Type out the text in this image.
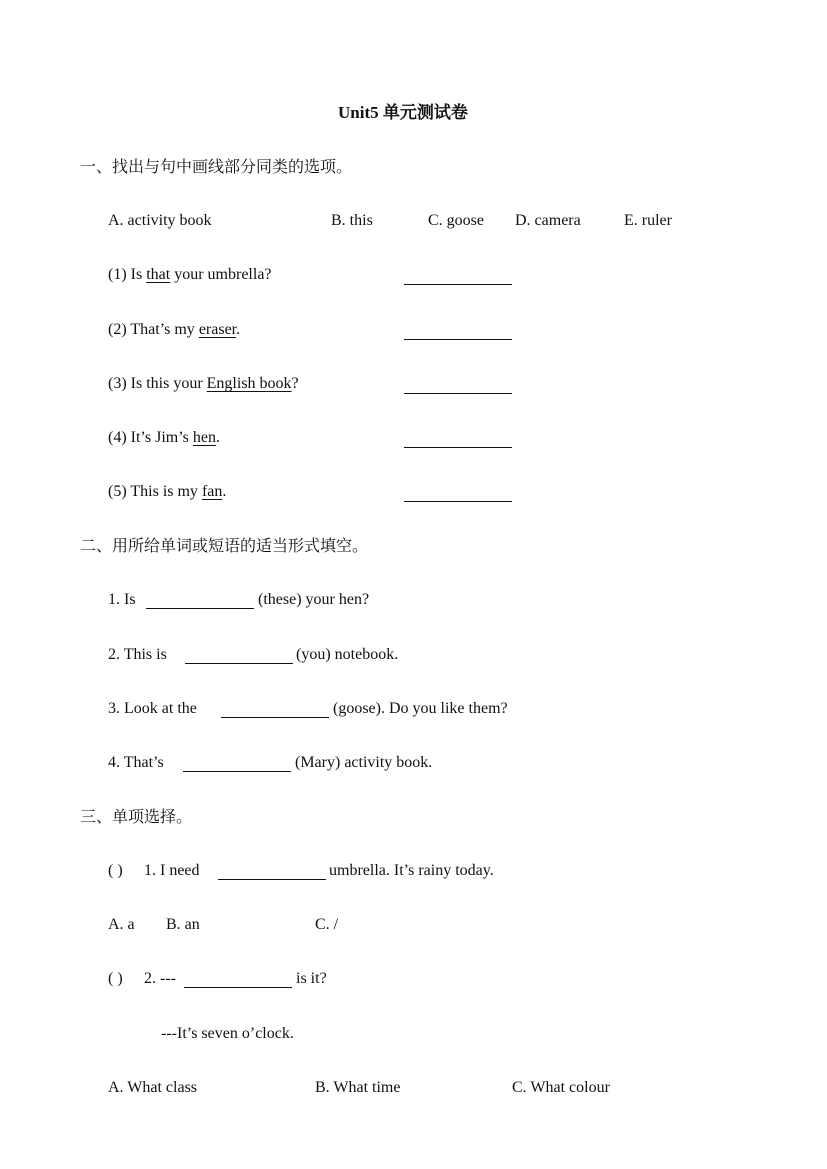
Unit5 单元测试卷
一、找出与句中画线部分同类的选项。
A. activity book	B. this	C. goose D. camera	E. ruler
(1) Is that your umbrella?
(2) That’s my eraser.
(3) Is this your English book?
(4) It’s Jim’s hen.
(5) This is my fan.
二、用所给单词或短语的适当形式填空。
1. Is	(these) your hen?
2. This is	(you) notebook.
3. Look at the	(goose). Do you like them?
4. That’s	(Mary) activity book.
三、单项选择。
( ) 1. I need	umbrella. It’s rainy today.
A. a B. an	C. /
( ) 2. ---	is it?
---It’s seven o’clock.
A. What class	B. What time	C. What colour
